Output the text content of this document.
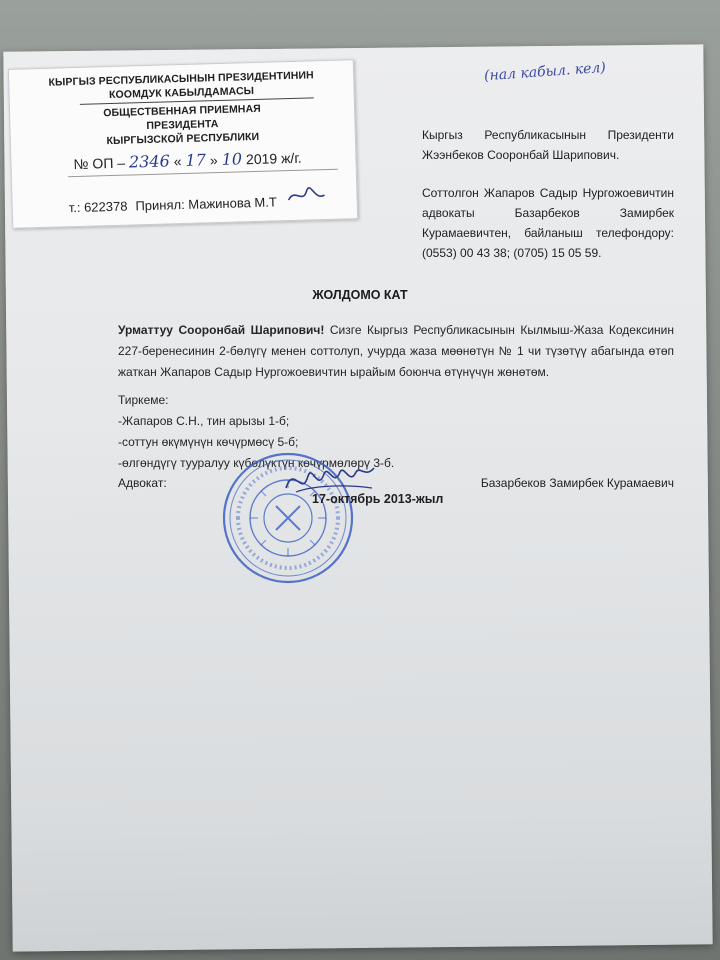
КЫРГЫЗ РЕСПУБЛИКАСЫНЫН ПРЕЗИДЕНТИНИН
КООМДУК КАБЫЛДАМАСЫ
ОБЩЕСТВЕННАЯ ПРИЕМНАЯ
ПРЕЗИДЕНТА
КЫРГЫЗСКОЙ РЕСПУБЛИКИ
№ ОП – 2346 « 17 » 10 2019 ж/г.
т.: 622378 Принял: Мажинова М.Т
(нал кабыл. кел)
Кыргыз Республикасынын Президенти Жээнбеков Сооронбай Шарипович.
Соттолгон Жапаров Садыр Нургожоевичтин адвокаты Базарбеков Замирбек Курамаевичтен, байланыш телефондору: (0553) 00 43 38; (0705) 15 05 59.
ЖОЛДОМО КАТ
Урматтуу Сооронбай Шарипович! Сизге Кыргыз Республикасынын Кылмыш-Жаза Кодексинин 227-беренесинин 2-бөлүгү менен соттолуп, учурда жаза мөөнөтүн № 1 чи түзөтүү абагында өтөп жаткан Жапаров Садыр Нургожоевичтин ырайым боюнча өтүнүчүн жөнөтөм.
Тиркеме:
-Жапаров С.Н., тин арызы 1-б;
-соттун өкүмүнүн көчүрмөсү 5-б;
-өлгөндүгү тууралуу күбөлүктүн көчүрмөлөрү 3-б.
Адвокат:	Базарбеков Замирбек Курамаевич
17-октябрь 2013-жыл
